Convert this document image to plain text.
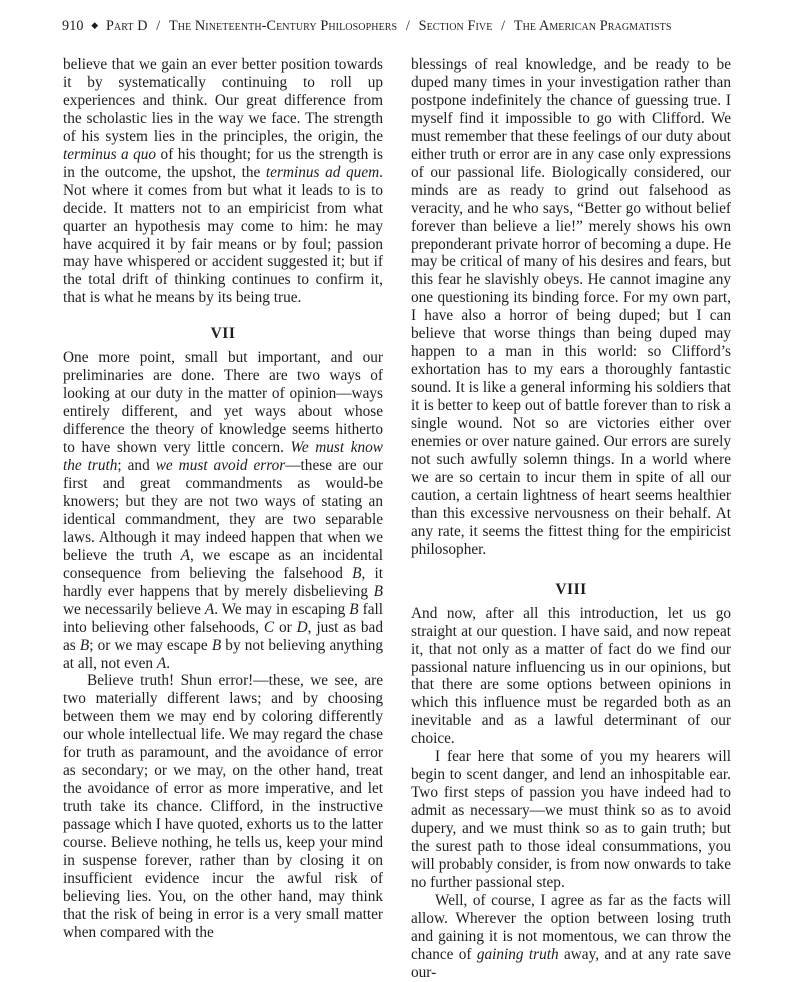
910 ◆ Part D / The Nineteenth-Century Philosophers / Section Five / The American Pragmatists

believe that we gain an ever better position towards it by systematically continuing to roll up experiences and think. Our great difference from the scholastic lies in the way we face. The strength of his system lies in the principles, the origin, the terminus a quo of his thought; for us the strength is in the outcome, the upshot, the terminus ad quem. Not where it comes from but what it leads to is to decide. It matters not to an empiricist from what quarter an hypothesis may come to him: he may have acquired it by fair means or by foul; passion may have whispered or accident suggested it; but if the total drift of thinking continues to confirm it, that is what he means by its being true.

VII

One more point, small but important, and our preliminaries are done. There are two ways of looking at our duty in the matter of opinion—ways entirely different, and yet ways about whose difference the theory of knowledge seems hitherto to have shown very little concern. We must know the truth; and we must avoid error—these are our first and great commandments as would-be knowers; but they are not two ways of stating an identical commandment, they are two separable laws. Although it may indeed happen that when we believe the truth A, we escape as an incidental consequence from believing the falsehood B, it hardly ever happens that by merely disbelieving B we necessarily believe A. We may in escaping B fall into believing other falsehoods, C or D, just as bad as B; or we may escape B by not believing anything at all, not even A.

Believe truth! Shun error!—these, we see, are two materially different laws; and by choosing between them we may end by coloring differently our whole intellectual life. We may regard the chase for truth as paramount, and the avoidance of error as secondary; or we may, on the other hand, treat the avoidance of error as more imperative, and let truth take its chance. Clifford, in the instructive passage which I have quoted, exhorts us to the latter course. Believe nothing, he tells us, keep your mind in suspense forever, rather than by closing it on insufficient evidence incur the awful risk of believing lies. You, on the other hand, may think that the risk of being in error is a very small matter when compared with the

blessings of real knowledge, and be ready to be duped many times in your investigation rather than postpone indefinitely the chance of guessing true. I myself find it impossible to go with Clifford. We must remember that these feelings of our duty about either truth or error are in any case only expressions of our passional life. Biologically considered, our minds are as ready to grind out falsehood as veracity, and he who says, “Better go without belief forever than believe a lie!” merely shows his own preponderant private horror of becoming a dupe. He may be critical of many of his desires and fears, but this fear he slavishly obeys. He cannot imagine any one questioning its binding force. For my own part, I have also a horror of being duped; but I can believe that worse things than being duped may happen to a man in this world: so Clifford’s exhortation has to my ears a thoroughly fantastic sound. It is like a general informing his soldiers that it is better to keep out of battle forever than to risk a single wound. Not so are victories either over enemies or over nature gained. Our errors are surely not such awfully solemn things. In a world where we are so certain to incur them in spite of all our caution, a certain lightness of heart seems healthier than this excessive nervousness on their behalf. At any rate, it seems the fittest thing for the empiricist philosopher.

VIII

And now, after all this introduction, let us go straight at our question. I have said, and now repeat it, that not only as a matter of fact do we find our passional nature influencing us in our opinions, but that there are some options between opinions in which this influence must be regarded both as an inevitable and as a lawful determinant of our choice.

I fear here that some of you my hearers will begin to scent danger, and lend an inhospitable ear. Two first steps of passion you have indeed had to admit as necessary—we must think so as to avoid dupery, and we must think so as to gain truth; but the surest path to those ideal consummations, you will probably consider, is from now onwards to take no further passional step.

Well, of course, I agree as far as the facts will allow. Wherever the option between losing truth and gaining it is not momentous, we can throw the chance of gaining truth away, and at any rate save our-
